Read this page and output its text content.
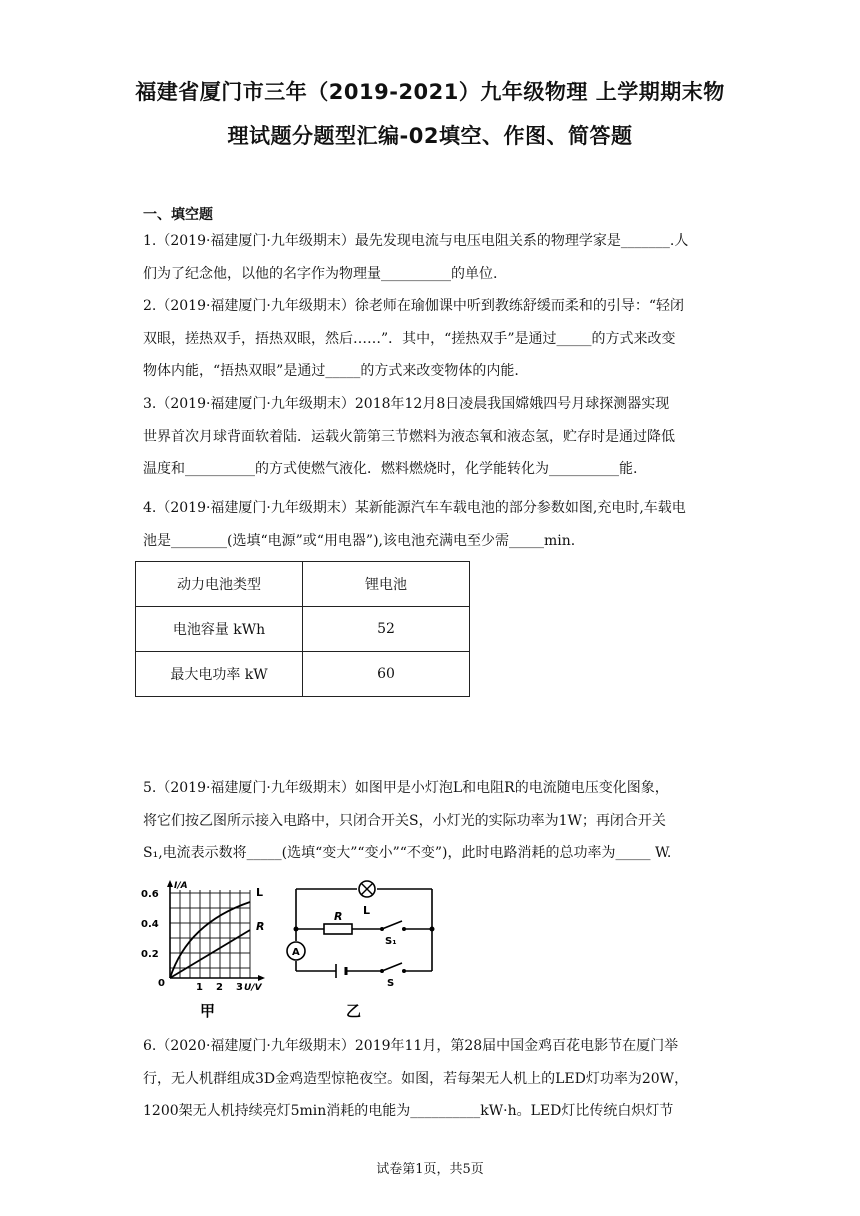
福建省厦门市三年（2019-2021）九年级物理 上学期期末物
理试题分题型汇编-02填空、作图、简答题
一、填空题

1.（2019·福建厦门·九年级期末）最先发现电流与电压电阻关系的物理学家是_______.人

们为了纪念他，以他的名字作为物理量__________的单位.

2.（2019·福建厦门·九年级期末）徐老师在瑜伽课中听到教练舒缓而柔和的引导：“轻闭

双眼，搓热双手，捂热双眼，然后……”．其中，“搓热双手”是通过_____的方式来改变

物体内能，“捂热双眼”是通过_____的方式来改变物体的内能.

3.（2019·福建厦门·九年级期末）2018年12月8日凌晨我国嫦娥四号月球探测器实现

世界首次月球背面软着陆．运载火箭第三节燃料为液态氧和液态氢，贮存时是通过降低

温度和__________的方式使燃气液化．燃料燃烧时，化学能转化为__________能.

4.（2019·福建厦门·九年级期末）某新能源汽车车载电池的部分参数如图,充电时,车载电

池是________(选填“电源”或“用电器”),该电池充满电至少需_____min.

动力电池类型	锂电池
电池容量 kWh	52
最大电功率 kW	60

5.（2019·福建厦门·九年级期末）如图甲是小灯泡L和电阻R的电流随电压变化图象，

将它们按乙图所示接入电路中，只闭合开关S，小灯光的实际功率为1W；再闭合开关

S₁,电流表示数将_____(选填“变大”“变小”“不变”)，此时电路消耗的总功率为_____ W.

I/A
0.6
0.4
0.2
0	1 2 3 U/V
L
R
甲
L
R
S₁
S
A
乙

6.（2020·福建厦门·九年级期末）2019年11月，第28届中国金鸡百花电影节在厦门举

行，无人机群组成3D金鸡造型惊艳夜空。如图，若每架无人机上的LED灯功率为20W，

1200架无人机持续亮灯5min消耗的电能为__________kW·h。LED灯比传统白炽灯节

试卷第1页，共5页
